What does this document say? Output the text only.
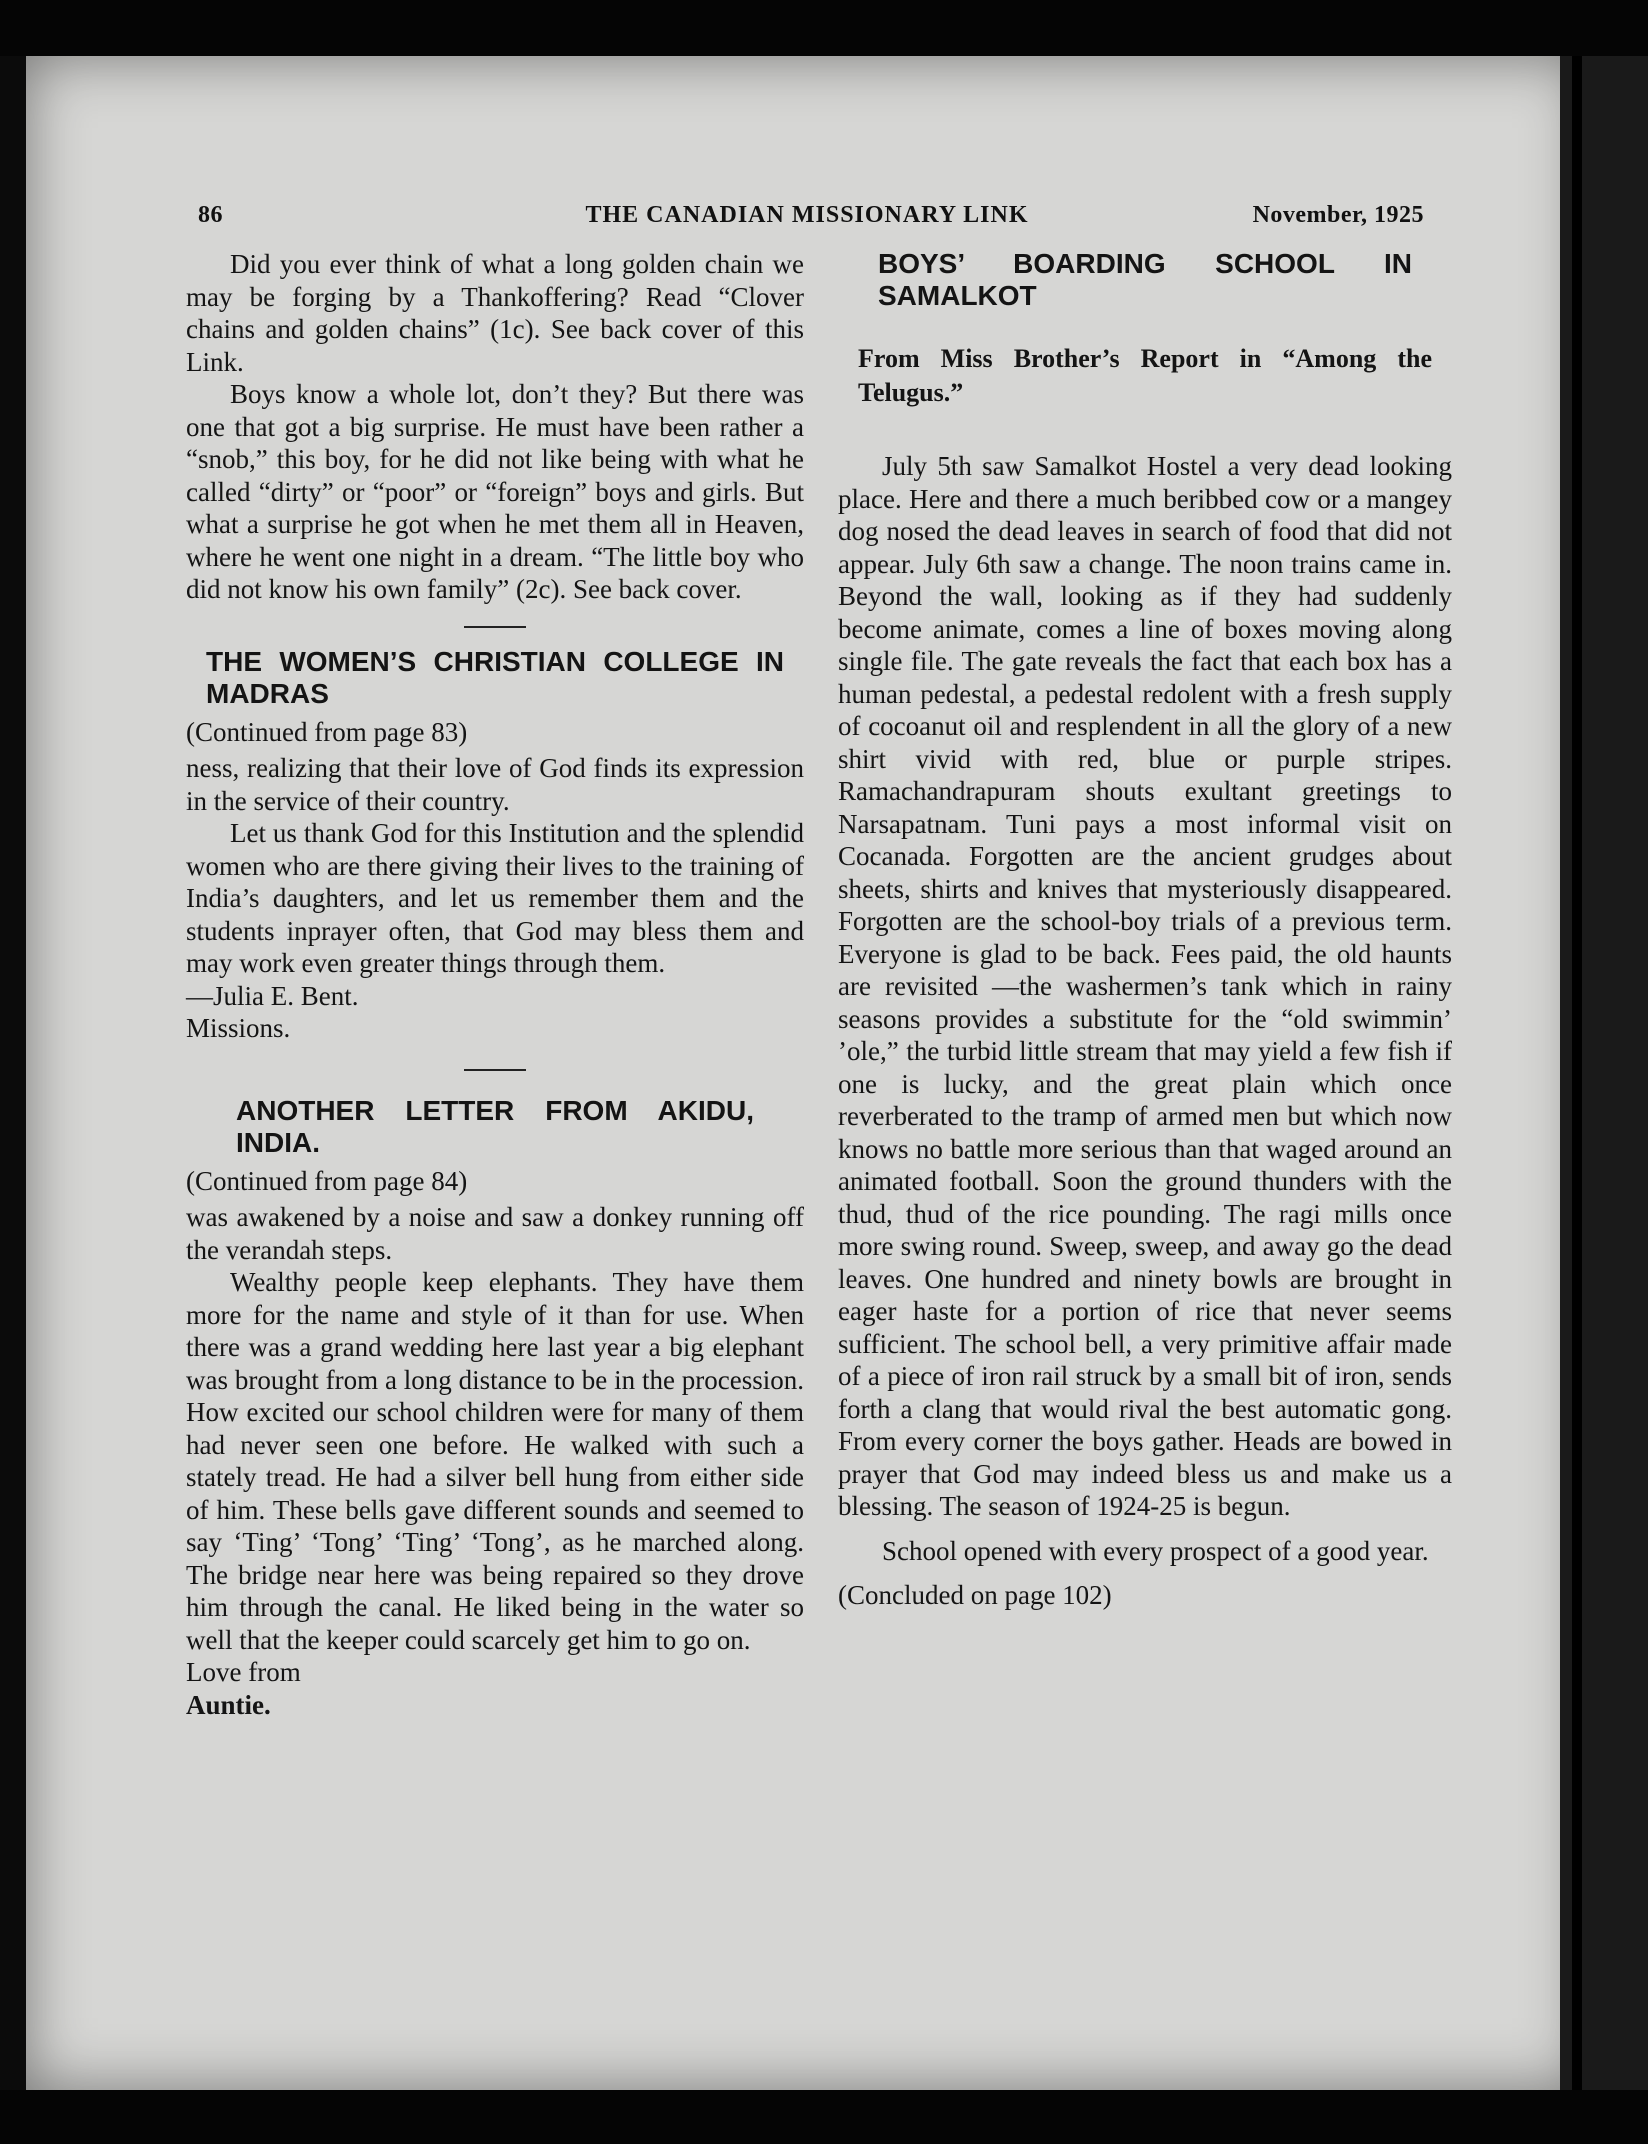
86	THE CANADIAN MISSIONARY LINK	November, 1925

Did you ever think of what a long golden chain we may be forging by a Thankoffering? Read “Clover chains and golden chains” (1c). See back cover of this Link.

Boys know a whole lot, don’t they? But there was one that got a big surprise. He must have been rather a “snob,” this boy, for he did not like being with what he called “dirty” or “poor” or “foreign” boys and girls. But what a surprise he got when he met them all in Heaven, where he went one night in a dream. “The little boy who did not know his own family” (2c). See back cover.

THE WOMEN’S CHRISTIAN COLLEGE IN MADRAS

(Continued from page 83)

ness, realizing that their love of God finds its expression in the service of their country.

Let us thank God for this Institution and the splendid women who are there giving their lives to the training of India’s daughters, and let us remember them and the students inprayer often, that God may bless them and may work even greater things through them.

—Julia E. Bent.

Missions.

ANOTHER LETTER FROM AKIDU, INDIA.

(Continued from page 84)

was awakened by a noise and saw a donkey running off the verandah steps.

Wealthy people keep elephants. They have them more for the name and style of it than for use. When there was a grand wedding here last year a big elephant was brought from a long distance to be in the procession. How excited our school children were for many of them had never seen one before. He walked with such a stately tread. He had a silver bell hung from either side of him. These bells gave different sounds and seemed to say ‘Ting’ ‘Tong’ ‘Ting’ ‘Tong’, as he marched along. The bridge near here was being repaired so they drove him through the canal. He liked being in the water so well that the keeper could scarcely get him to go on.

Love from

Auntie.

BOYS’ BOARDING SCHOOL IN SAMALKOT

From Miss Brother’s Report in “Among the Telugus.”

July 5th saw Samalkot Hostel a very dead looking place. Here and there a much beribbed cow or a mangey dog nosed the dead leaves in search of food that did not appear. July 6th saw a change. The noon trains came in. Beyond the wall, looking as if they had suddenly become animate, comes a line of boxes moving along single file. The gate reveals the fact that each box has a human pedestal, a pedestal redolent with a fresh supply of cocoanut oil and resplendent in all the glory of a new shirt vivid with red, blue or purple stripes. Ramachandrapuram shouts exultant greetings to Narsapatnam. Tuni pays a most informal visit on Cocanada. Forgotten are the ancient grudges about sheets, shirts and knives that mysteriously disappeared. Forgotten are the school-boy trials of a previous term. Everyone is glad to be back. Fees paid, the old haunts are revisited —the washermen’s tank which in rainy seasons provides a substitute for the “old swimmin’ ’ole,” the turbid little stream that may yield a few fish if one is lucky, and the great plain which once reverberated to the tramp of armed men but which now knows no battle more serious than that waged around an animated football. Soon the ground thunders with the thud, thud of the rice pounding. The ragi mills once more swing round. Sweep, sweep, and away go the dead leaves. One hundred and ninety bowls are brought in eager haste for a portion of rice that never seems sufficient. The school bell, a very primitive affair made of a piece of iron rail struck by a small bit of iron, sends forth a clang that would rival the best automatic gong. From every corner the boys gather. Heads are bowed in prayer that God may indeed bless us and make us a blessing. The season of 1924-25 is begun.

School opened with every prospect of a good year.

(Concluded on page 102)
